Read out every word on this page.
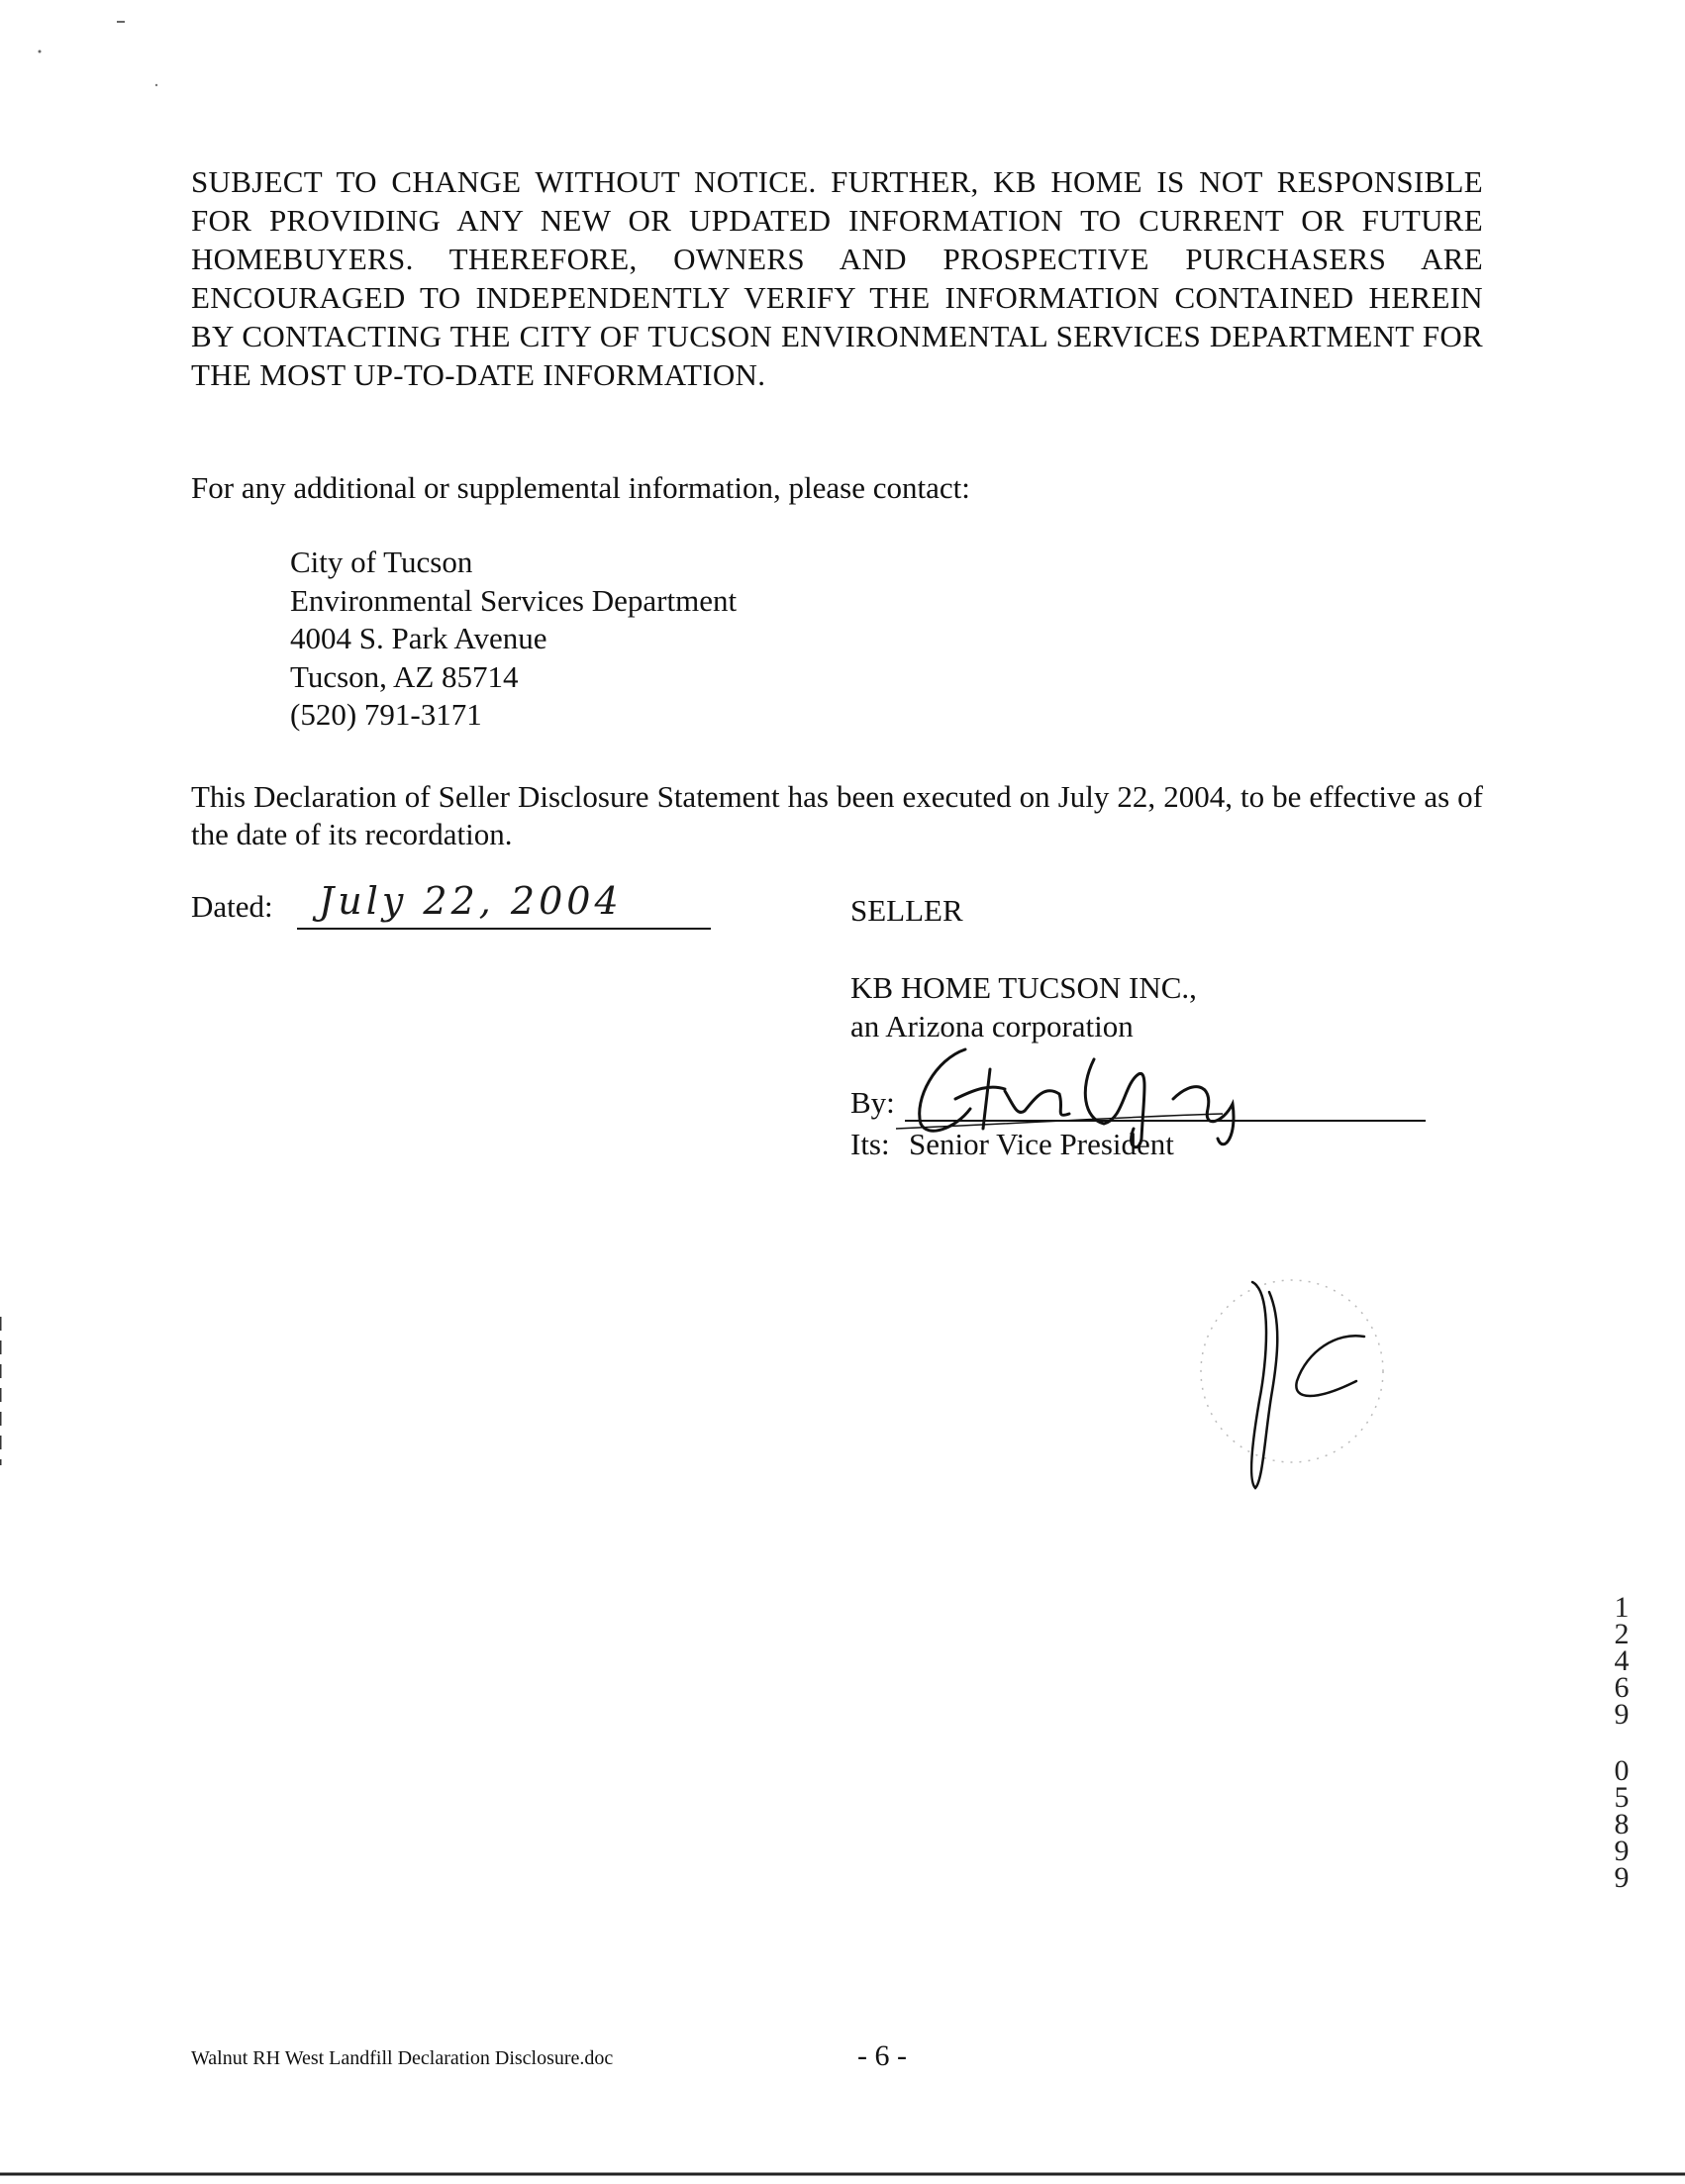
SUBJECT TO CHANGE WITHOUT NOTICE. FURTHER, KB HOME IS NOT RESPONSIBLE FOR PROVIDING ANY NEW OR UPDATED INFORMATION TO CURRENT OR FUTURE HOMEBUYERS. THEREFORE, OWNERS AND PROSPECTIVE PURCHASERS ARE ENCOURAGED TO INDEPENDENTLY VERIFY THE INFORMATION CONTAINED HEREIN BY CONTACTING THE CITY OF TUCSON ENVIRONMENTAL SERVICES DEPARTMENT FOR THE MOST UP-TO-DATE INFORMATION.
For any additional or supplemental information, please contact:
City of Tucson
Environmental Services Department
4004 S. Park Avenue
Tucson, AZ 85714
(520) 791-3171
This Declaration of Seller Disclosure Statement has been executed on July 22, 2004, to be effective as of the date of its recordation.
Dated: July 22, 2004	SELLER
KB HOME TUCSON INC.,
an Arizona corporation
By:
Its: Senior Vice President
1
2
4
6
9
0
5
8
9
9
Walnut RH West Landfill Declaration Disclosure.doc	- 6 -
